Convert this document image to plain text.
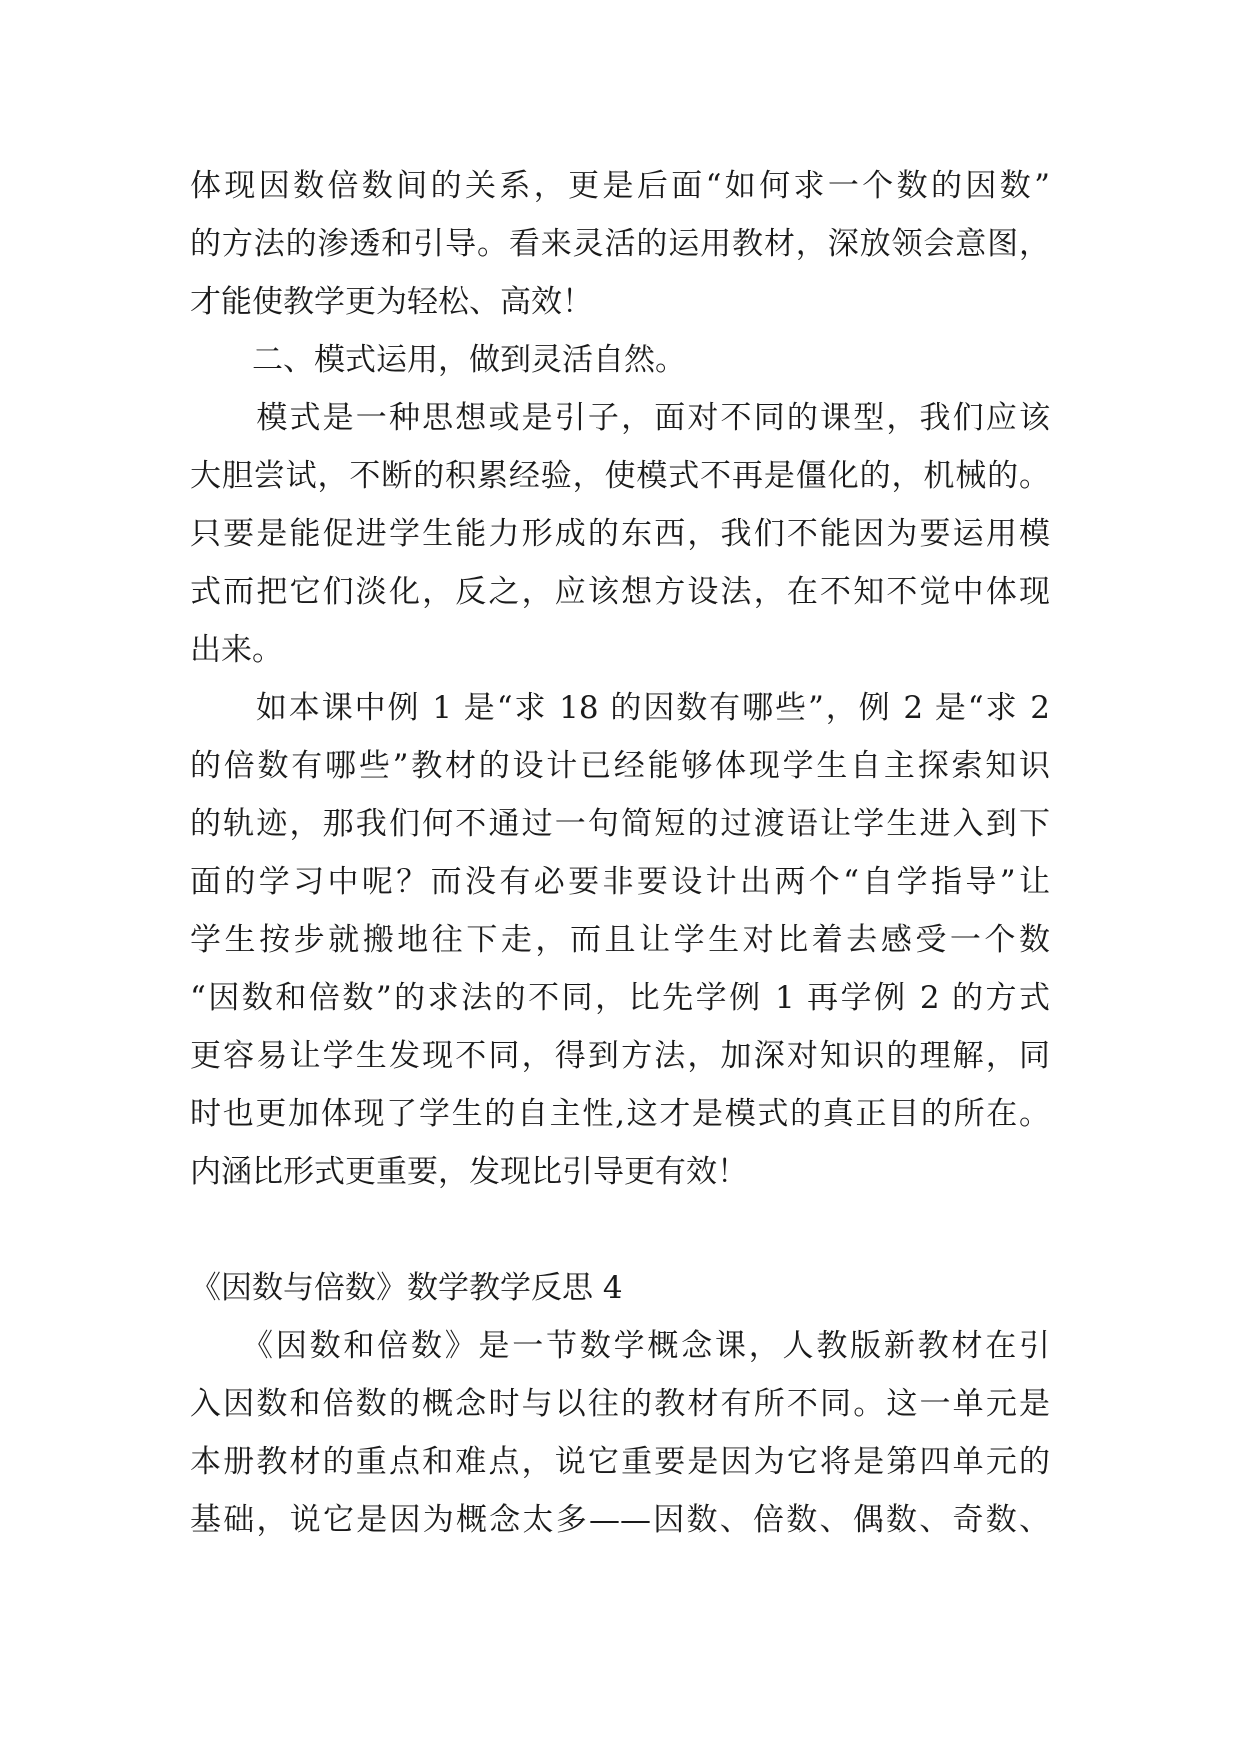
体现因数倍数间的关系，更是后面“如何求一个数的因数”
的方法的渗透和引导。看来灵活的运用教材，深放领会意图，
才能使教学更为轻松、高效！
　　二、模式运用，做到灵活自然。
　　模式是一种思想或是引子，面对不同的课型，我们应该
大胆尝试，不断的积累经验，使模式不再是僵化的，机械的。
只要是能促进学生能力形成的东西，我们不能因为要运用模
式而把它们淡化，反之，应该想方设法，在不知不觉中体现
出来。
　　如本课中例 1 是“求 18 的因数有哪些”，例 2 是“求 2
的倍数有哪些”教材的设计已经能够体现学生自主探索知识
的轨迹，那我们何不通过一句简短的过渡语让学生进入到下
面的学习中呢？而没有必要非要设计出两个“自学指导”让
学生按步就搬地往下走，而且让学生对比着去感受一个数
“因数和倍数”的求法的不同，比先学例 1 再学例 2 的方式
更容易让学生发现不同，得到方法，加深对知识的理解，同
时也更加体现了学生的自主性,这才是模式的真正目的所在。
内涵比形式更重要，发现比引导更有效！
《因数与倍数》数学教学反思 4
　　《因数和倍数》是一节数学概念课，人教版新教材在引
入因数和倍数的概念时与以往的教材有所不同。这一单元是
本册教材的重点和难点，说它重要是因为它将是第四单元的
基础，说它是因为概念太多——因数、倍数、偶数、奇数、
